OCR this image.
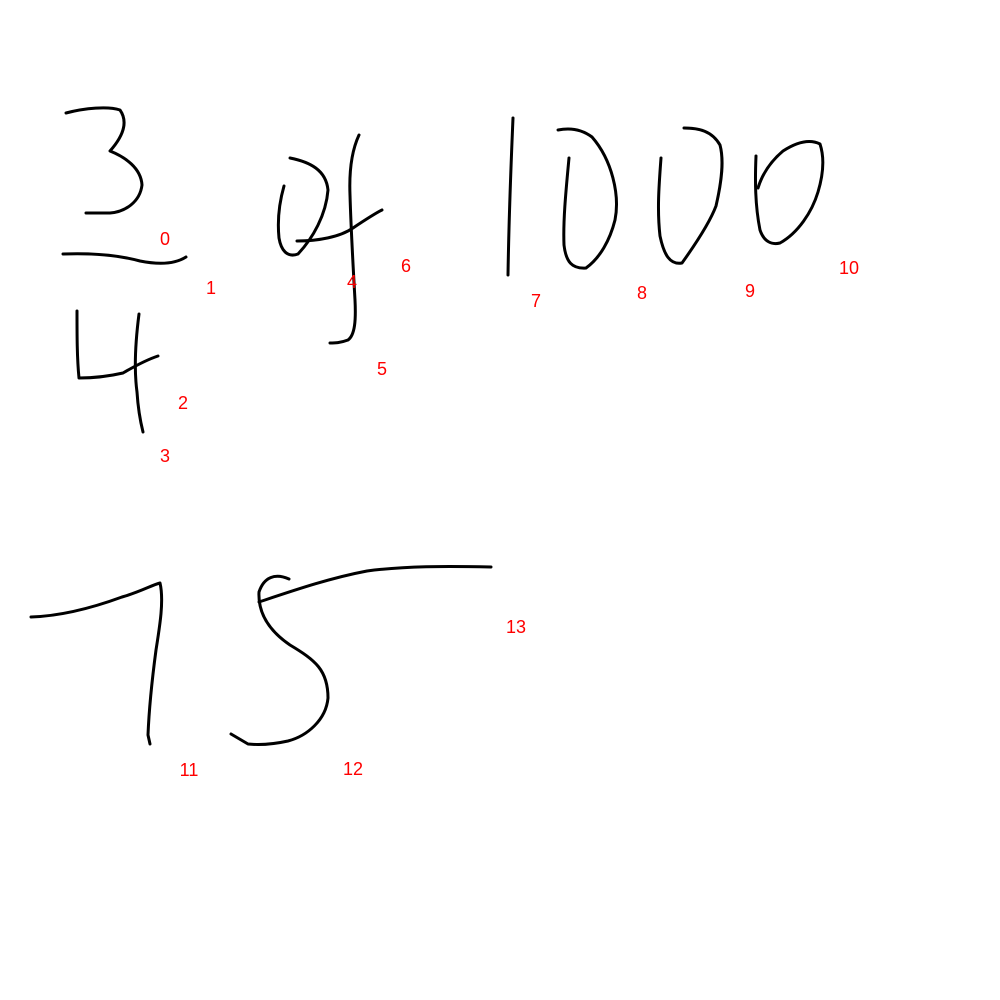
0
1
2
3
4
5
6
7	8	9
10
11	12
13
